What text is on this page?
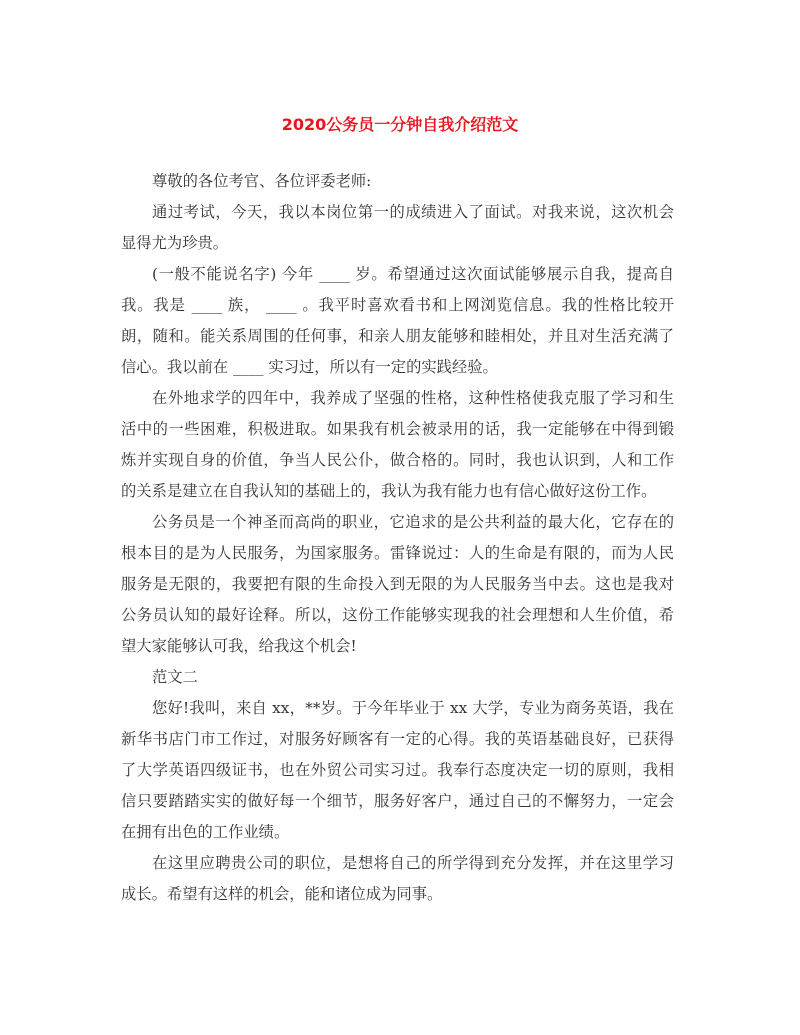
2020公务员一分钟自我介绍范文
尊敬的各位考官、各位评委老师:
通过考试，今天，我以本岗位第一的成绩进入了面试。对我来说，这次机会
显得尤为珍贵。
(一般不能说名字) 今年 ____ 岁。希望通过这次面试能够展示自我，提高自
我。我是 ____ 族， ____ 。我平时喜欢看书和上网浏览信息。我的性格比较开
朗，随和。能关系周围的任何事，和亲人朋友能够和睦相处，并且对生活充满了
信心。我以前在 ____ 实习过，所以有一定的实践经验。
在外地求学的四年中，我养成了坚强的性格，这种性格使我克服了学习和生
活中的一些困难，积极进取。如果我有机会被录用的话，我一定能够在中得到锻
炼并实现自身的价值，争当人民公仆，做合格的。同时，我也认识到，人和工作
的关系是建立在自我认知的基础上的，我认为我有能力也有信心做好这份工作。
公务员是一个神圣而高尚的职业，它追求的是公共利益的最大化，它存在的
根本目的是为人民服务，为国家服务。雷锋说过：人的生命是有限的，而为人民
服务是无限的，我要把有限的生命投入到无限的为人民服务当中去。这也是我对
公务员认知的最好诠释。所以，这份工作能够实现我的社会理想和人生价值，希
望大家能够认可我，给我这个机会!
范文二
您好!我叫，来自 xx，**岁。于今年毕业于 xx 大学，专业为商务英语，我在
新华书店门市工作过，对服务好顾客有一定的心得。我的英语基础良好，已获得
了大学英语四级证书，也在外贸公司实习过。我奉行态度决定一切的原则，我相
信只要踏踏实实的做好每一个细节，服务好客户，通过自己的不懈努力，一定会
在拥有出色的工作业绩。
在这里应聘贵公司的职位，是想将自己的所学得到充分发挥，并在这里学习
成长。希望有这样的机会，能和诸位成为同事。
